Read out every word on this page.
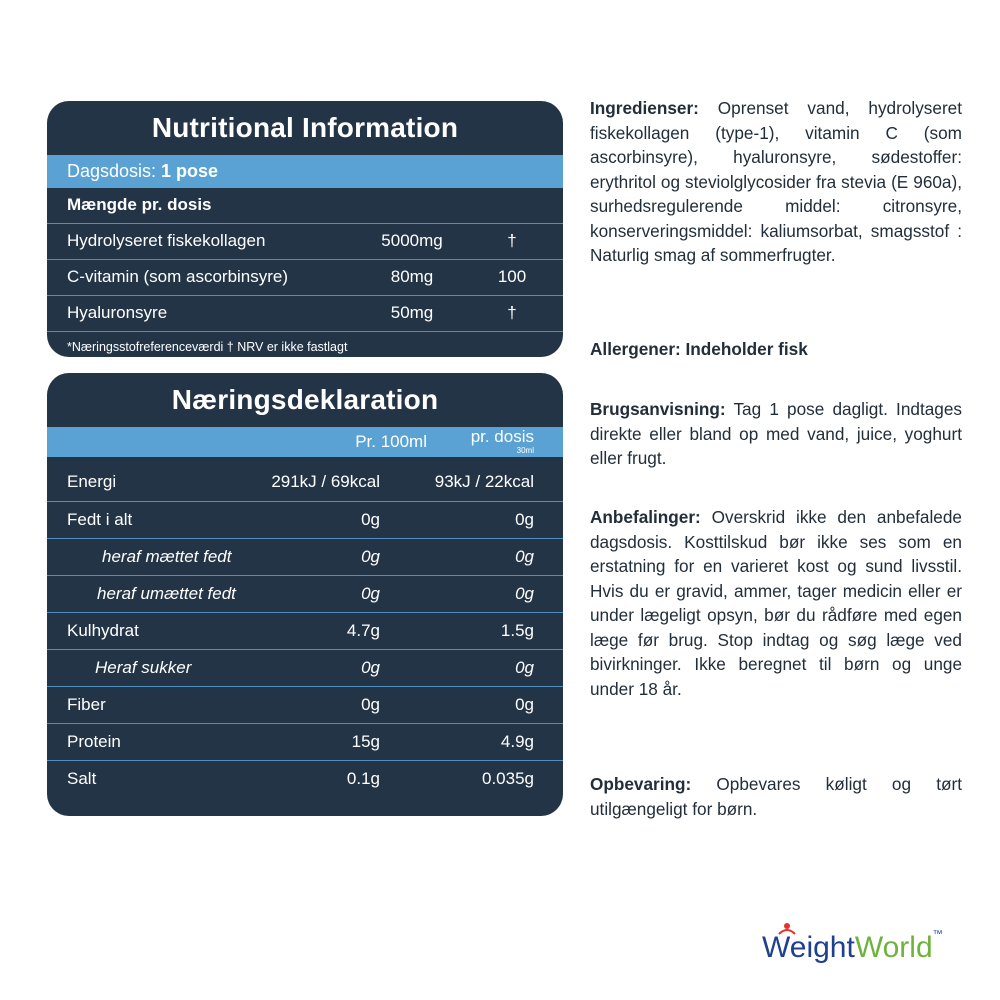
Nutritional Information
Dagsdosis: 1 pose
Mængde pr. dosis
Hydrolyseret fiskekollagen	5000mg	†
C-vitamin (som ascorbinsyre)	80mg	100
Hyaluronsyre	50mg	†
*Næringsstofreferenceværdi † NRV er ikke fastlagt
Næringsdeklaration
Pr. 100ml	pr. dosis
30ml
Energi	291kJ / 69kcal	93kJ / 22kcal
Fedt i alt	0g	0g
heraf mættet fedt	0g	0g
heraf umættet fedt	0g	0g
Kulhydrat	4.7g	1.5g
Heraf sukker	0g	0g
Fiber	0g	0g
Protein	15g	4.9g
Salt	0.1g	0.035g

Ingredienser: Oprenset vand, hydrolyseret fiskekollagen (type-1), vitamin C (som ascorbinsyre), hyaluronsyre, sødestoffer: erythritol og steviolglycosider fra stevia (E 960a), surhedsregulerende middel: citronsyre, konserveringsmiddel: kaliumsorbat, smagsstof : Naturlig smag af sommerfrugter.

Allergener: Indeholder fisk

Brugsanvisning: Tag 1 pose dagligt. Indtages direkte eller bland op med vand, juice, yoghurt eller frugt.

Anbefalinger: Overskrid ikke den anbefalede dagsdosis. Kosttilskud bør ikke ses som en erstatning for en varieret kost og sund livsstil. Hvis du er gravid, ammer, tager medicin eller er under lægeligt opsyn, bør du rådføre med egen læge før brug. Stop indtag og søg læge ved bivirkninger. Ikke beregnet til børn og unge under 18 år.

Opbevaring: Opbevares køligt og tørt utilgængeligt for børn.

WeightWorld™
